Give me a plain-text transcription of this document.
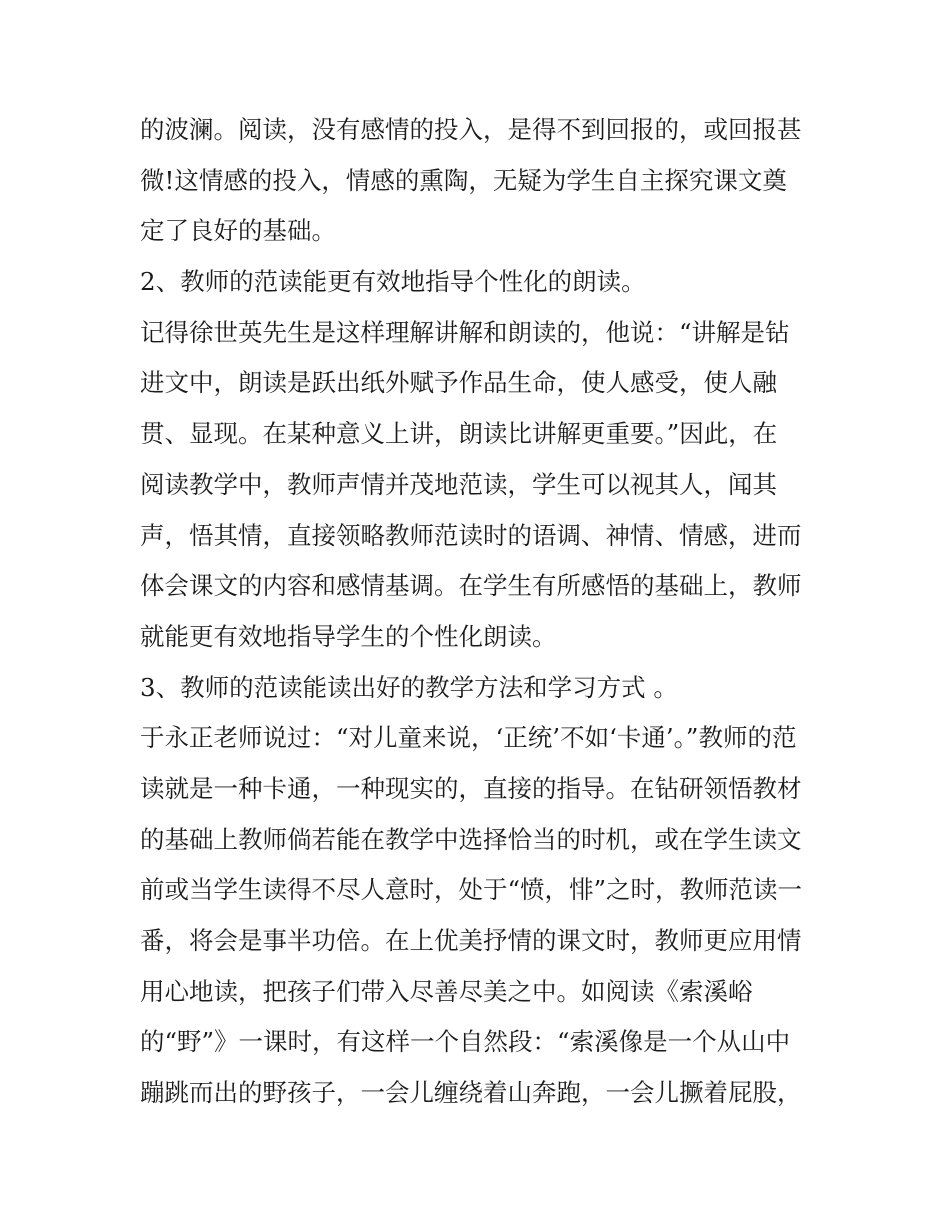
的波澜。阅读，没有感情的投入，是得不到回报的，或回报甚
微!这情感的投入，情感的熏陶，无疑为学生自主探究课文奠
定了良好的基础。
2、教师的范读能更有效地指导个性化的朗读。
记得徐世英先生是这样理解讲解和朗读的，他说：“讲解是钻
进文中，朗读是跃出纸外赋予作品生命，使人感受，使人融
贯、显现。在某种意义上讲，朗读比讲解更重要。”因此，在
阅读教学中，教师声情并茂地范读，学生可以视其人，闻其
声，悟其情，直接领略教师范读时的语调、神情、情感，进而
体会课文的内容和感情基调。在学生有所感悟的基础上，教师
就能更有效地指导学生的个性化朗读。
3、教师的范读能读出好的教学方法和学习方式 。
于永正老师说过：“对儿童来说，‘正统’不如‘卡通’。”教师的范
读就是一种卡通，一种现实的，直接的指导。在钻研领悟教材
的基础上教师倘若能在教学中选择恰当的时机，或在学生读文
前或当学生读得不尽人意时，处于“愤，悱”之时，教师范读一
番，将会是事半功倍。在上优美抒情的课文时，教师更应用情
用心地读，把孩子们带入尽善尽美之中。如阅读《索溪峪
的“野”》一课时，有这样一个自然段：“索溪像是一个从山中
蹦跳而出的野孩子，一会儿缠绕着山奔跑，一会儿撅着屁股，
